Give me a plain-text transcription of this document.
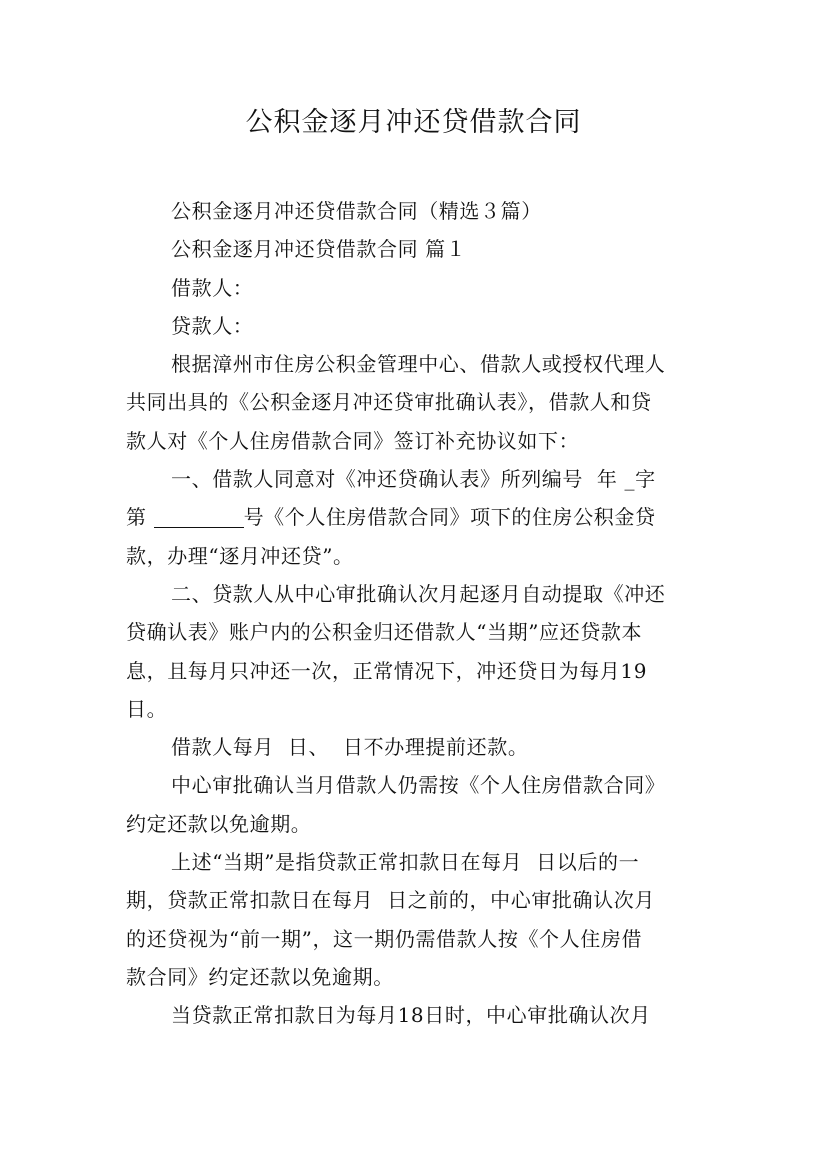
公积金逐月冲还贷借款合同
公积金逐月冲还贷借款合同（精选３篇）
公积金逐月冲还贷借款合同 篇１
借款人：
贷款人：
根据漳州市住房公积金管理中心、借款人或授权代理人
共同出具的《公积金逐月冲还贷审批确认表》，借款人和贷
款人对《个人住房借款合同》签订补充协议如下：
一、借款人同意对《冲还贷确认表》所列编号  年 _字
第	号《个人住房借款合同》项下的住房公积金贷
款，办理“逐月冲还贷”。
二、贷款人从中心审批确认次月起逐月自动提取《冲还
贷确认表》账户内的公积金归还借款人“当期”应还贷款本
息，且每月只冲还一次，正常情况下，冲还贷日为每月19
日。
借款人每月  日、  日不办理提前还款。
中心审批确认当月借款人仍需按《个人住房借款合同》
约定还款以免逾期。
上述“当期”是指贷款正常扣款日在每月  日以后的一
期，贷款正常扣款日在每月  日之前的，中心审批确认次月
的还贷视为“前一期”，这一期仍需借款人按《个人住房借
款合同》约定还款以免逾期。
当贷款正常扣款日为每月18日时，中心审批确认次月
